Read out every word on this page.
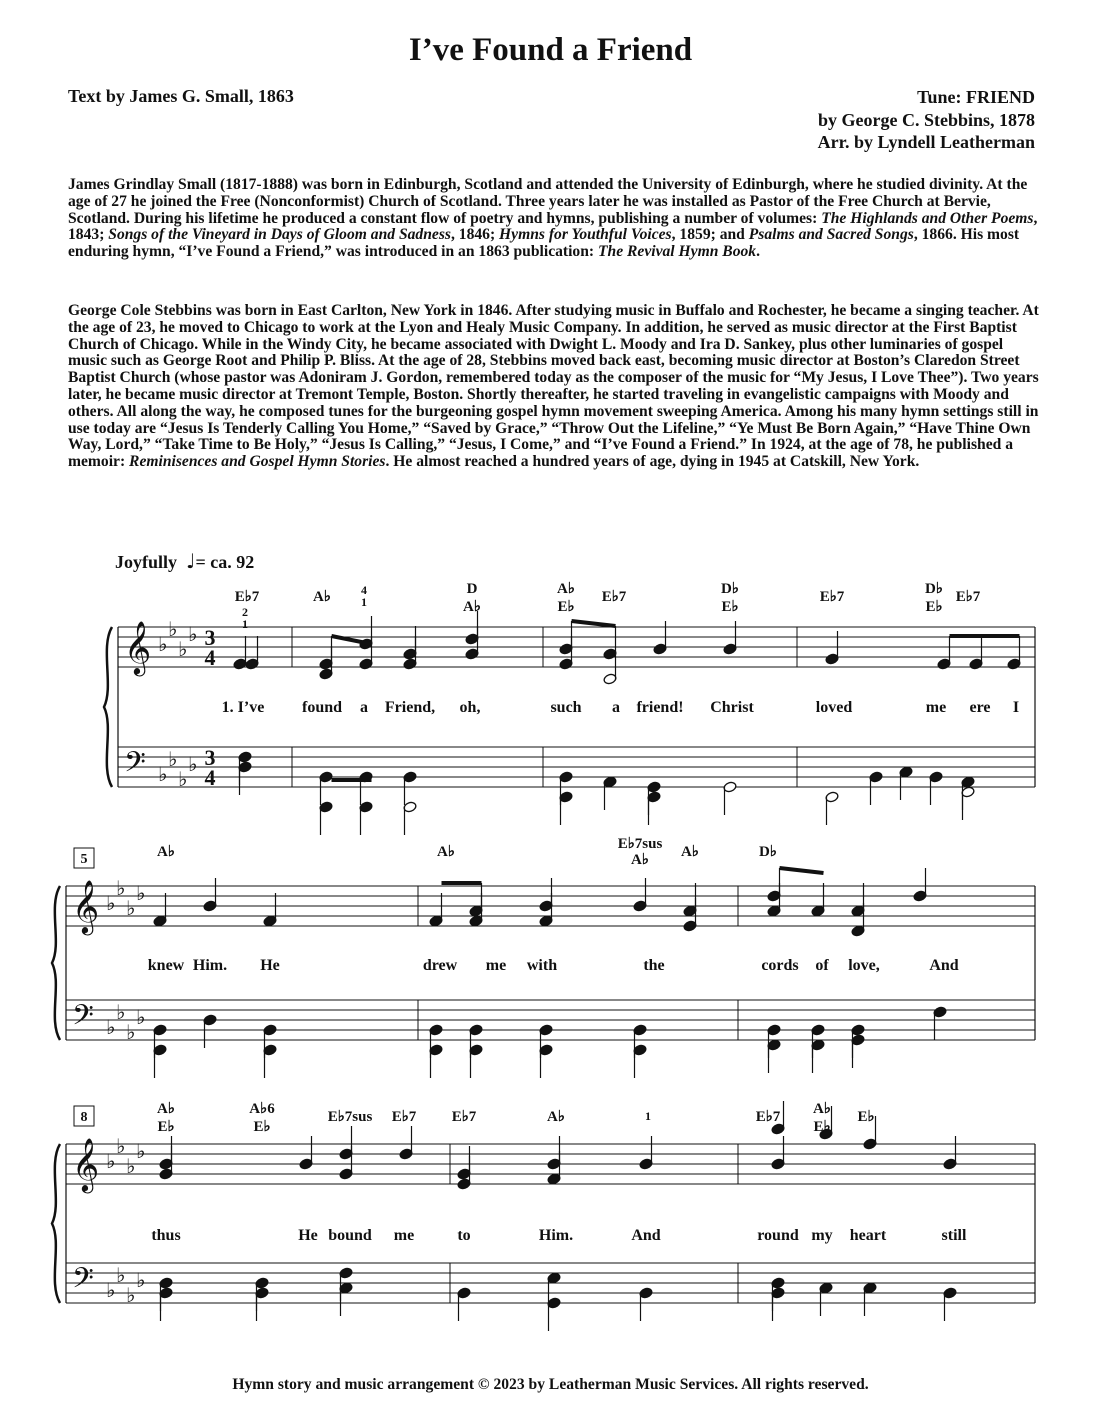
I’ve Found a Friend
Text by James G. Small, 1863	Tune: FRIEND
by George C. Stebbins, 1878
Arr. by Lyndell Leatherman

James Grindlay Small (1817-1888) was born in Edinburgh, Scotland and attended the University of Edinburgh, where he studied divinity. At the age of 27 he joined the Free (Nonconformist) Church of Scotland. Three years later he was installed as Pastor of the Free Church at Bervie, Scotland. During his lifetime he produced a constant flow of poetry and hymns, publishing a number of volumes: The Highlands and Other Poems, 1843; Songs of the Vineyard in Days of Gloom and Sadness, 1846; Hymns for Youthful Voices, 1859; and Psalms and Sacred Songs, 1866. His most enduring hymn, “I’ve Found a Friend,” was introduced in an 1863 publication: The Revival Hymn Book.

George Cole Stebbins was born in East Carlton, New York in 1846. After studying music in Buffalo and Rochester, he became a singing teacher. At the age of 23, he moved to Chicago to work at the Lyon and Healy Music Company. In addition, he served as music director at the First Baptist Church of Chicago. While in the Windy City, he became associated with Dwight L. Moody and Ira D. Sankey, plus other luminaries of gospel music such as George Root and Philip P. Bliss. At the age of 28, Stebbins moved back east, becoming music director at Boston’s Claredon Street Baptist Church (whose pastor was Adoniram J. Gordon, remembered today as the composer of the music for “My Jesus, I Love Thee”). Two years later, he became music director at Tremont Temple, Boston. Shortly thereafter, he started traveling in evangelistic campaigns with Moody and others. All along the way, he composed tunes for the burgeoning gospel hymn movement sweeping America. Among his many hymn settings still in use today are “Jesus Is Tenderly Calling You Home,” “Saved by Grace,” “Throw Out the Lifeline,” “Ye Must Be Born Again,” “Have Thine Own Way, Lord,” “Take Time to Be Holy,” “Jesus Is Calling,” “Jesus, I Come,” and “I’ve Found a Friend.” In 1924, at the age of 78, he published a memoir: Reminisences and Gospel Hymn Stories. He almost reached a hundred years of age, dying in 1945 at Catskill, New York.

Joyfully ♩= ca. 92
𝄞
𝄢
♭
♭
♭
♭
♭
♭
♭
♭
3
4
3
4
𝄞
𝄢
♭
♭
♭
♭
♭
♭
♭
♭
𝄞
𝄢
♭
♭
♭
♭
♭
♭
♭
♭
5
8
E♭7	A♭	D
A♭
A♭
E♭
E♭7	D♭
E♭
E♭7	D♭
E♭
E♭7
A♭	A♭	E♭7sus
A♭ A♭	D♭
A♭
E♭
A♭6
E♭
E♭7sus E♭7 E♭7	A♭	E♭7 A♭
E♭
E♭
2
1
4
1
1
1. I’ve found a Friend, oh,	such a friend! Christ	loved	me ere I
knew Him. He	drew me with	the	cords of love,	And
thus	He bound me	to	Him.	And	round my heart	still
Hymn story and music arrangement © 2023 by Leatherman Music Services. All rights reserved.
